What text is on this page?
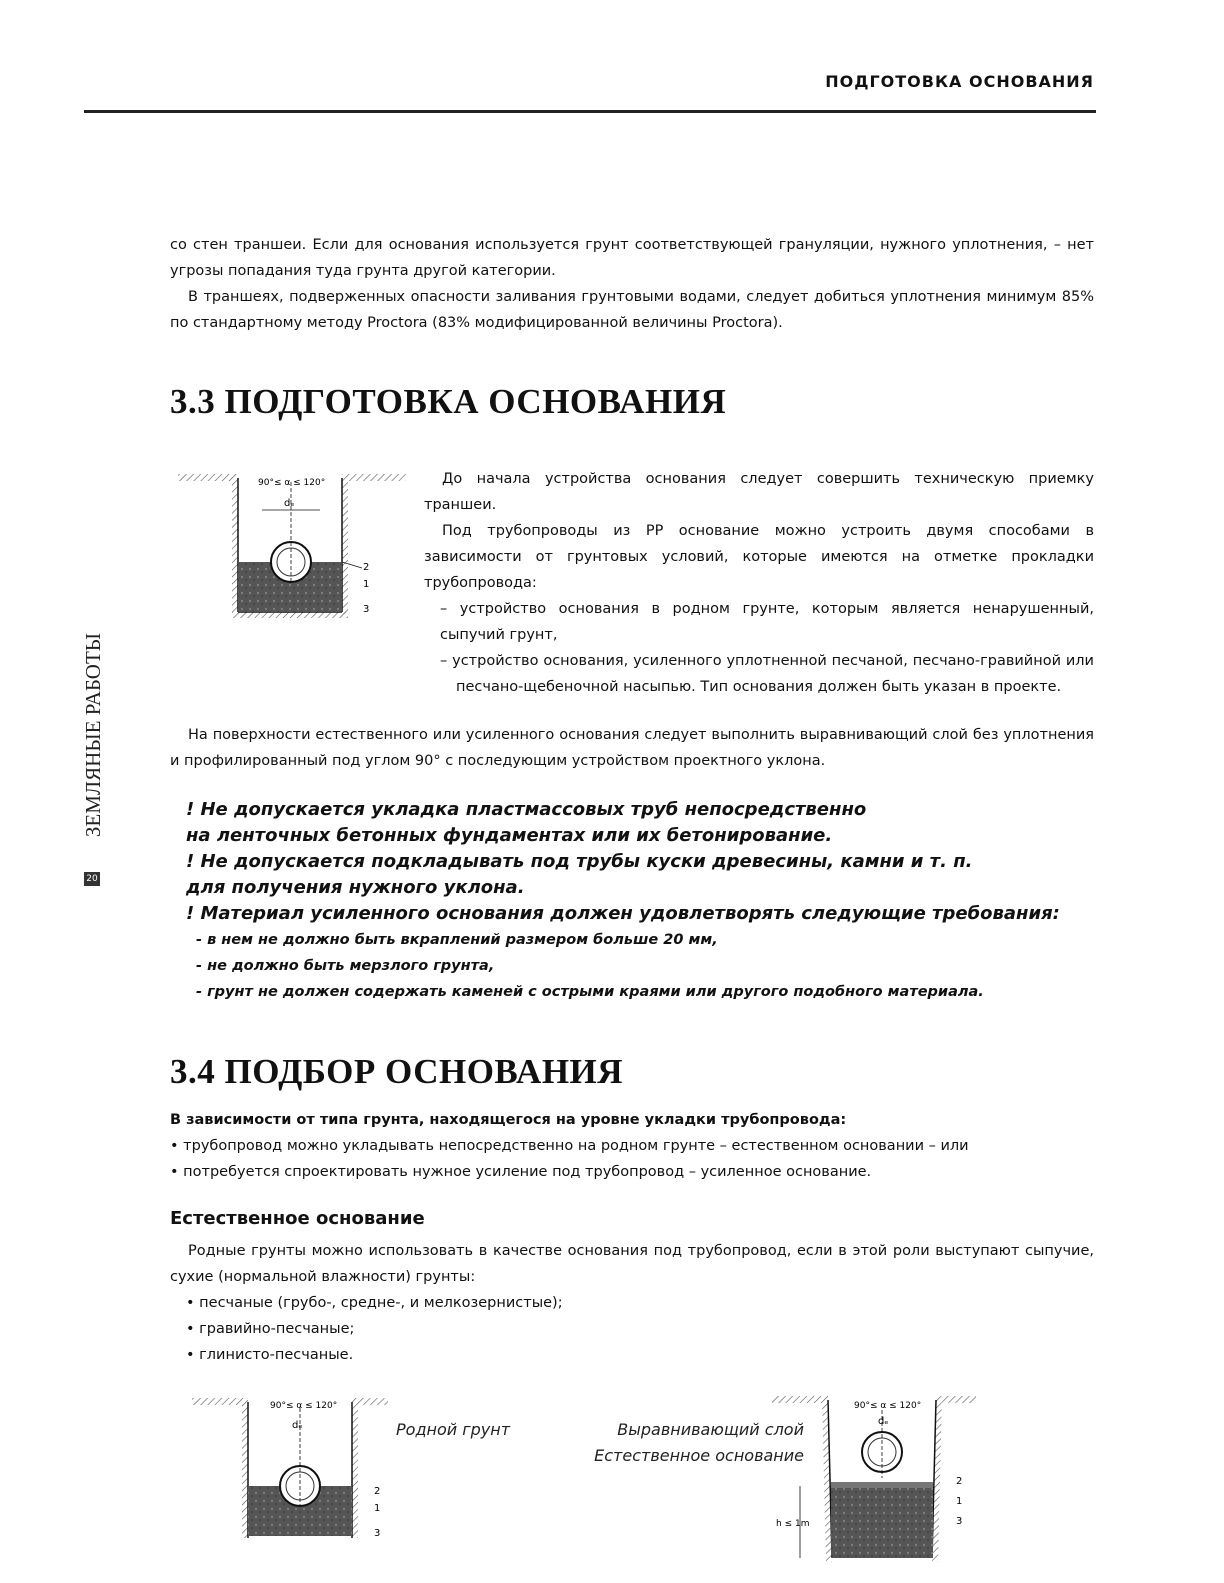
ПОДГОТОВКА ОСНОВАНИЯ
ЗЕМЛЯНЫЕ РАБОТЫ
20

со стен траншеи. Если для основания используется грунт соответствующей грануляции, нужного уплотнения, – нет угрозы попадания туда грунта другой категории.

В траншеях, подверженных опасности заливания грунтовыми водами, следует добиться уплотнения минимум 85% по стандартному методу Proctora (83% модифицированной величины Proctora).

3.3 ПОДГОТОВКА ОСНОВАНИЯ
90°≤ α ≤ 120°
dₑ
2
1
3

До начала устройства основания следует совершить техническую приемку траншеи.

Под трубопроводы из PP основание можно устроить двумя способами в зависимости от грунтовых условий, которые имеются на отметке прокладки трубопровода:

– устройство основания в родном грунте, которым является ненарушенный, сыпучий грунт,

– устройство основания, усиленного уплотненной песчаной, песчано-гравийной или песчано-щебеночной насыпью. Тип основания должен быть указан в проекте.

На поверхности естественного или усиленного основания следует выполнить выравнивающий слой без уплотнения и профилированный под углом 90° с последующим устройством проектного уклона.

! Не допускается укладка пластмассовых труб непосредственно
на ленточных бетонных фундаментах или их бетонирование.
! Не допускается подкладывать под трубы куски древесины, камни и т. п.
для получения нужного уклона.
! Материал усиленного основания должен удовлетворять следующие требования:
- в нем не должно быть вкраплений размером больше 20 мм,
- не должно быть мерзлого грунта,
- грунт не должен содержать каменей с острыми краями или другого подобного материала.
3.4 ПОДБОР ОСНОВАНИЯ

В зависимости от типа грунта, находящегося на уровне укладки трубопровода:

• трубопровод можно укладывать непосредственно на родном грунте – естественном основании – или

• потребуется спроектировать нужное усиление под трубопровод – усиленное основание.

Естественное основание

Родные грунты можно использовать в качестве основания под трубопровод, если в этой роли выступают сыпучие, сухие (нормальной влажности) грунты:

• песчаные (грубо-, средне-, и мелкозернистые);

• гравийно-песчаные;

• глинисто-песчаные.

90°≤ α ≤ 120°
dₑ
2
1
3
Родной грунт	Выравнивающий слой
Естественное основание
90°≤ α ≤ 120°
dₑ
h ≤ 1m
2
1
3
